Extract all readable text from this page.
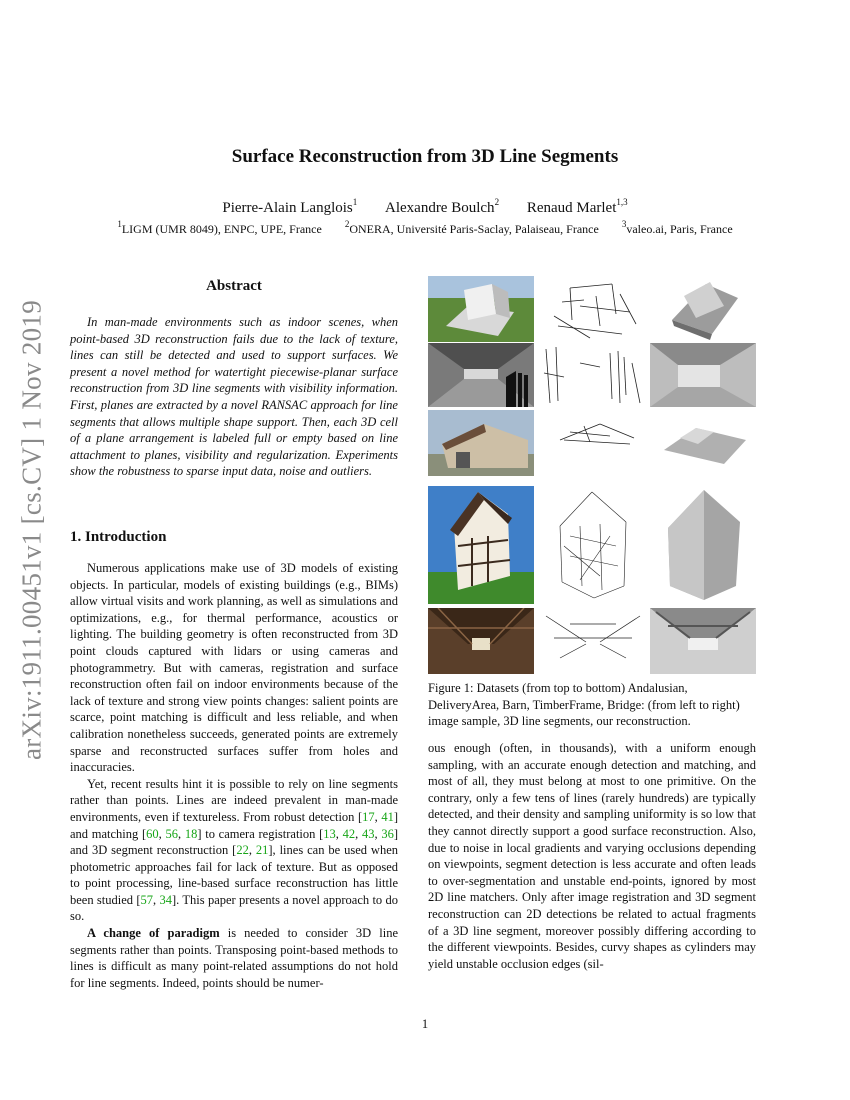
arXiv:1911.00451v1 [cs.CV] 1 Nov 2019
Surface Reconstruction from 3D Line Segments
Pierre-Alain Langlois$^1$ Alexandre Boulch$^2$ Renaud Marlet$^{1,3}$
$^1$LIGM (UMR 8049), ENPC, UPE, France	$^2$ONERA, Université Paris-Saclay, Palaiseau, France	$^3$valeo.ai, Paris, France
Abstract

In man-made environments such as indoor scenes, when point-based 3D reconstruction fails due to the lack of texture, lines can still be detected and used to support surfaces. We present a novel method for watertight piecewise-planar surface reconstruction from 3D line segments with visibility information. First, planes are extracted by a novel RANSAC approach for line segments that allows multiple shape support. Then, each 3D cell of a plane arrangement is labeled full or empty based on line attachment to planes, visibility and regularization. Experiments show the robustness to sparse input data, noise and outliers.

1. Introduction

Numerous applications make use of 3D models of existing objects. In particular, models of existing buildings (e.g., BIMs) allow virtual visits and work planning, as well as simulations and optimizations, e.g., for thermal performance, acoustics or lighting. The building geometry is often reconstructed from 3D point clouds captured with lidars or using cameras and photogrammetry. But with cameras, registration and surface reconstruction often fail on indoor environments because of the lack of texture and strong view points changes: salient points are scarce, point matching is difficult and less reliable, and when calibration nonetheless succeeds, generated points are extremely sparse and reconstructed surfaces suffer from holes and inaccuracies.

Yet, recent results hint it is possible to rely on line segments rather than points. Lines are indeed prevalent in man-made environments, even if textureless. From robust detection [17, 41] and matching [60, 56, 18] to camera registration [13, 42, 43, 36] and 3D segment reconstruction [22, 21], lines can be used when photometric approaches fail for lack of texture. But as opposed to point processing, line-based surface reconstruction has little been studied [57, 34]. This paper presents a novel approach to do so.

A change of paradigm is needed to consider 3D line segments rather than points. Transposing point-based methods to lines is difficult as many point-related assumptions do not hold for line segments. Indeed, points should be numer-

Figure 1: Datasets (from top to bottom) Andalusian, DeliveryArea, Barn, TimberFrame, Bridge: (from left to right) image sample, 3D line segments, our reconstruction.

ous enough (often, in thousands), with a uniform enough sampling, with an accurate enough detection and matching, and most of all, they must belong at most to one primitive. On the contrary, only a few tens of lines (rarely hundreds) are typically detected, and their density and sampling uniformity is so low that they cannot directly support a good surface reconstruction. Also, due to noise in local gradients and varying occlusions depending on viewpoints, segment detection is less accurate and often leads to over-segmentation and unstable end-points, ignored by most 2D line matchers. Only after image registration and 3D segment reconstruction can 2D detections be related to actual fragments of a 3D line segment, moreover possibly differing according to the different viewpoints. Besides, curvy shapes as cylinders may yield unstable occlusion edges (sil-

1
